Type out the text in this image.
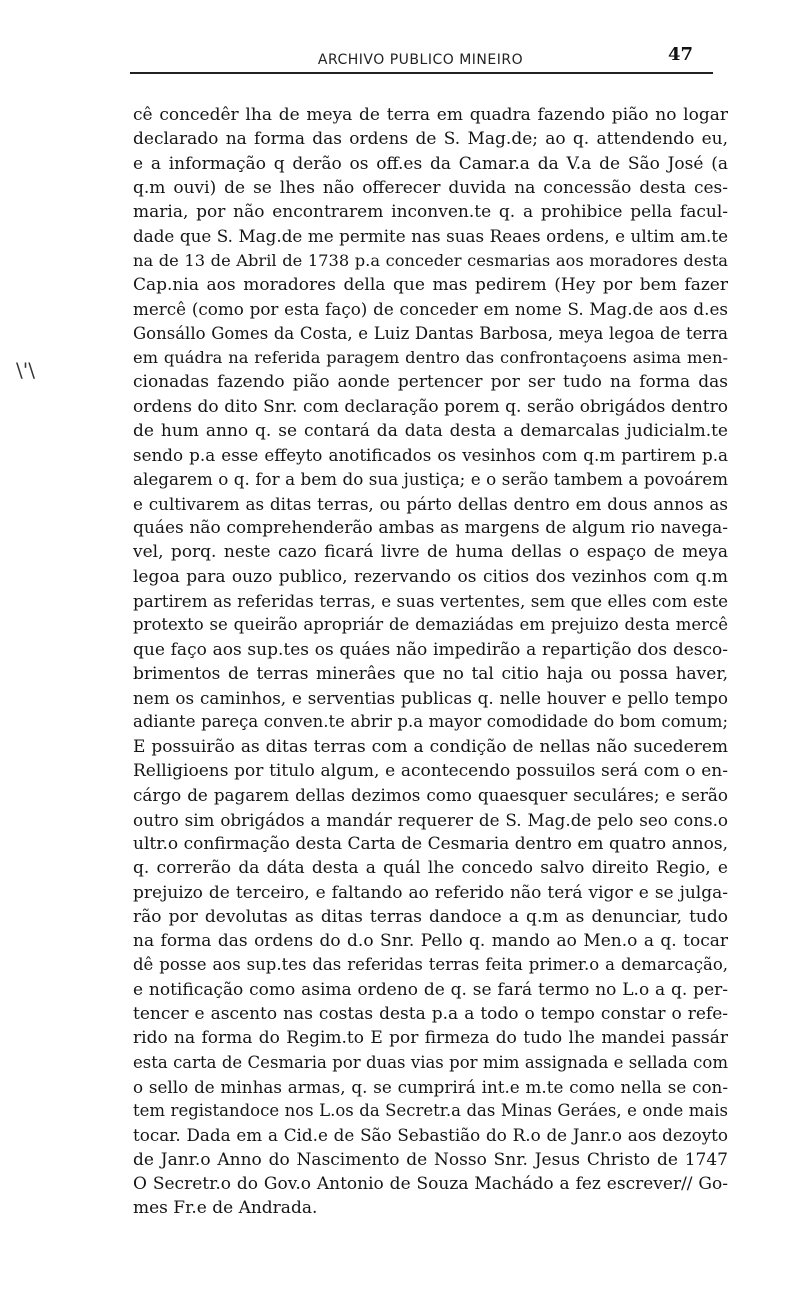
ARCHIVO PUBLICO MINEIRO	47
\'\
cê concedêr lha de meya de terra em quadra fazendo pião no logar
declarado na forma das ordens de S. Mag.de; ao q. attendendo eu,
e a informação q derão os off.es da Camar.a da V.a de São José (a
q.m ouvi) de se lhes não offerecer duvida na concessão desta ces-
maria, por não encontrarem inconven.te q. a prohibice pella facul-
dade que S. Mag.de me permite nas suas Reaes ordens, e ultim am.te
na de 13 de Abril de 1738 p.a conceder cesmarias aos moradores desta
Cap.nia aos moradores della que mas pedirem (Hey por bem fazer
mercê (como por esta faço) de conceder em nome S. Mag.de aos d.es
Gonsállo Gomes da Costa, e Luiz Dantas Barbosa, meya legoa de terra
em quádra na referida paragem dentro das confrontaçoens asima men-
cionadas fazendo pião aonde pertencer por ser tudo na forma das
ordens do dito Snr. com declaração porem q. serão obrigádos dentro
de hum anno q. se contará da data desta a demarcalas judicialm.te
sendo p.a esse effeyto anotificados os vesinhos com q.m partirem p.a
alegarem o q. for a bem do sua justiça; e o serão tambem a povoárem
e cultivarem as ditas terras, ou párto dellas dentro em dous annos as
quáes não comprehenderão ambas as margens de algum rio navega-
vel, porq. neste cazo ficará livre de huma dellas o espaço de meya
legoa para ouzo publico, rezervando os citios dos vezinhos com q.m
partirem as referidas terras, e suas vertentes, sem que elles com este
protexto se queirão apropriár de demaziádas em prejuizo desta mercê
que faço aos sup.tes os quáes não impedirão a repartição dos desco-
brimentos de terras minerâes que no tal citio haja ou possa haver,
nem os caminhos, e serventias publicas q. nelle houver e pello tempo
adiante pareça conven.te abrir p.a mayor comodidade do bom comum;
E possuirão as ditas terras com a condição de nellas não sucederem
Relligioens por titulo algum, e acontecendo possuilos será com o en-
cárgo de pagarem dellas dezimos como quaesquer seculáres; e serão
outro sim obrigádos a mandár requerer de S. Mag.de pelo seo cons.o
ultr.o confirmação desta Carta de Cesmaria dentro em quatro annos,
q. correrão da dáta desta a quál lhe concedo salvo direito Regio, e
prejuizo de terceiro, e faltando ao referido não terá vigor e se julga-
rão por devolutas as ditas terras dandoce a q.m as denunciar, tudo
na forma das ordens do d.o Snr. Pello q. mando ao Men.o a q. tocar
dê posse aos sup.tes das referidas terras feita primer.o a demarcação,
e notificação como asima ordeno de q. se fará termo no L.o a q. per-
tencer e ascento nas costas desta p.a a todo o tempo constar o refe-
rido na forma do Regim.to E por firmeza do tudo lhe mandei passár
esta carta de Cesmaria por duas vias por mim assignada e sellada com
o sello de minhas armas, q. se cumprirá int.e m.te como nella se con-
tem registandoce nos L.os da Secretr.a das Minas Geráes, e onde mais
tocar. Dada em a Cid.e de São Sebastião do R.o de Janr.o aos dezoyto
de Janr.o Anno do Nascimento de Nosso Snr. Jesus Christo de 1747
O Secretr.o do Gov.o Antonio de Souza Machádo a fez escrever// Go-
mes Fr.e de Andrada.
